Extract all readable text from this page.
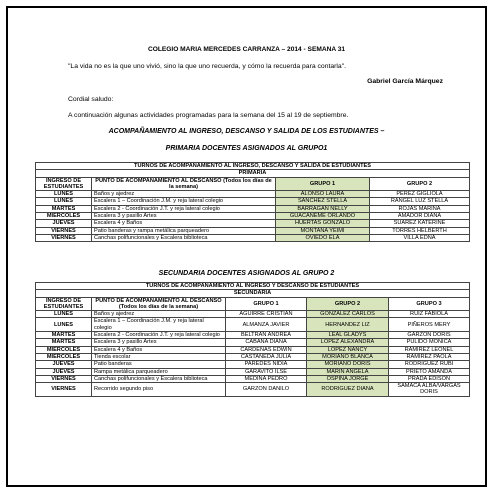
COLEGIO MARIA MERCEDES CARRANZA – 2014 - SEMANA 31
"La vida no es la que uno vivió, sino la que uno recuerda, y cómo la recuerda para contarla".
Gabriel García Márquez
Cordial saludo:
A continuación algunas actividades programadas para la semana del 15 al 19 de septiembre.
ACOMPAÑAMIENTO AL INGRESO, DESCANSO Y SALIDA DE LOS ESTUDIANTES –
PRIMARIA DOCENTES ASIGNADOS AL GRUPO1
TURNOS DE ACOMPAÑAMIENTO AL INGRESO, DESCANSO Y SALIDA DE ESTUDIANTES			
PRIMARIA			
INGRESO DE ESTUDIANTES	PUNTO DE ACOMPAÑAMIENTO AL DESCANSO (Todos los días de la semana)	GRUPO 1	GRUPO 2
LUNES	Baños y ajedrez	ALONSO LAURA	PEREZ GIGLIOLA
LUNES	Escalera 1 – Coordinación J.M. y reja lateral colegio	SANCHEZ STELLA	RANGEL LUZ STELLA
MARTES	Escalera 2 - Coordinación J.T. y reja lateral colegio	BARRAGAN NELLY	ROJAS MARINA
MIERCOLES	Escalera 3 y pasillo Artes	GUACANEME ORLANDO	AMADOR DIANA
JUEVES	Escalera 4 y Baños	HUERTAS GONZALO	SUAREZ KATERINE
VIERNES	Patio banderas y rampa metálica parqueadero	MONTAÑA YEIMI	TORRES HELBERTH
VIERNES	Canchas polifuncionales y Escalera biblioteca	OVIEDO ELA	VILLA EDNA
SECUNDARIA DOCENTES ASIGNADOS AL GRUPO 2
TURNOS DE ACOMPAÑAMIENTO AL INGRESO Y DESCANSO DE ESTUDIANTES				
SECUNDARIA				
INGRESO DE ESTUDIANTES	PUNTO DE ACOMPAÑAMIENTO AL DESCANSO (Todos los días de la semana)	GRUPO 1	GRUPO 2	GRUPO 3
LUNES	Baños y ajedrez	AGUIRRE CRISTIAN	GONZALEZ CARLOS	RUIZ FABIOLA
LUNES	Escalera 1 – Coordinación J.M. y reja lateral colegio	ALMANZA JAVIER	HERNANDEZ LIZ	PIÑEROS MERY
MARTES	Escalera 2 - Coordinación J.T. y reja lateral colegio	BELTRAN ANDREA	LEAL GLADYS	GARZON DORIS
MARTES	Escalera 3 y pasillo Artes	CABANA DIANA	LOPEZ ALEXANDRA	PULIDO MONICA
MIERCOLES	Escalera 4 y Baños	CARDENAS EDWIN	LOPEZ NANCY	RAMIREZ LEONEL
MIERCOLES	Tienda escolar	CASTAÑEDA JULIA	MORIANO BLANCA	RAMIREZ PAOLA
JUEVES	Patio banderas	PAREDES NIDIA	MORIANO DORIS	RODRIGUEZ RUBI
JUEVES	Rampa metálica parqueadero	GARAVITO ILSE	MARIN ANGELA	PRIETO AMANDA
VIERNES	Canchas polifuncionales y Escalera biblioteca	MEDINA PEDRO	OSPINA JORGE	PRADA EDISON
VIERNES	Recorrido segundo piso	GARZON DANILO	RODRIGUEZ DIANA	SAMACA ALBA/VARGAS DORIS
